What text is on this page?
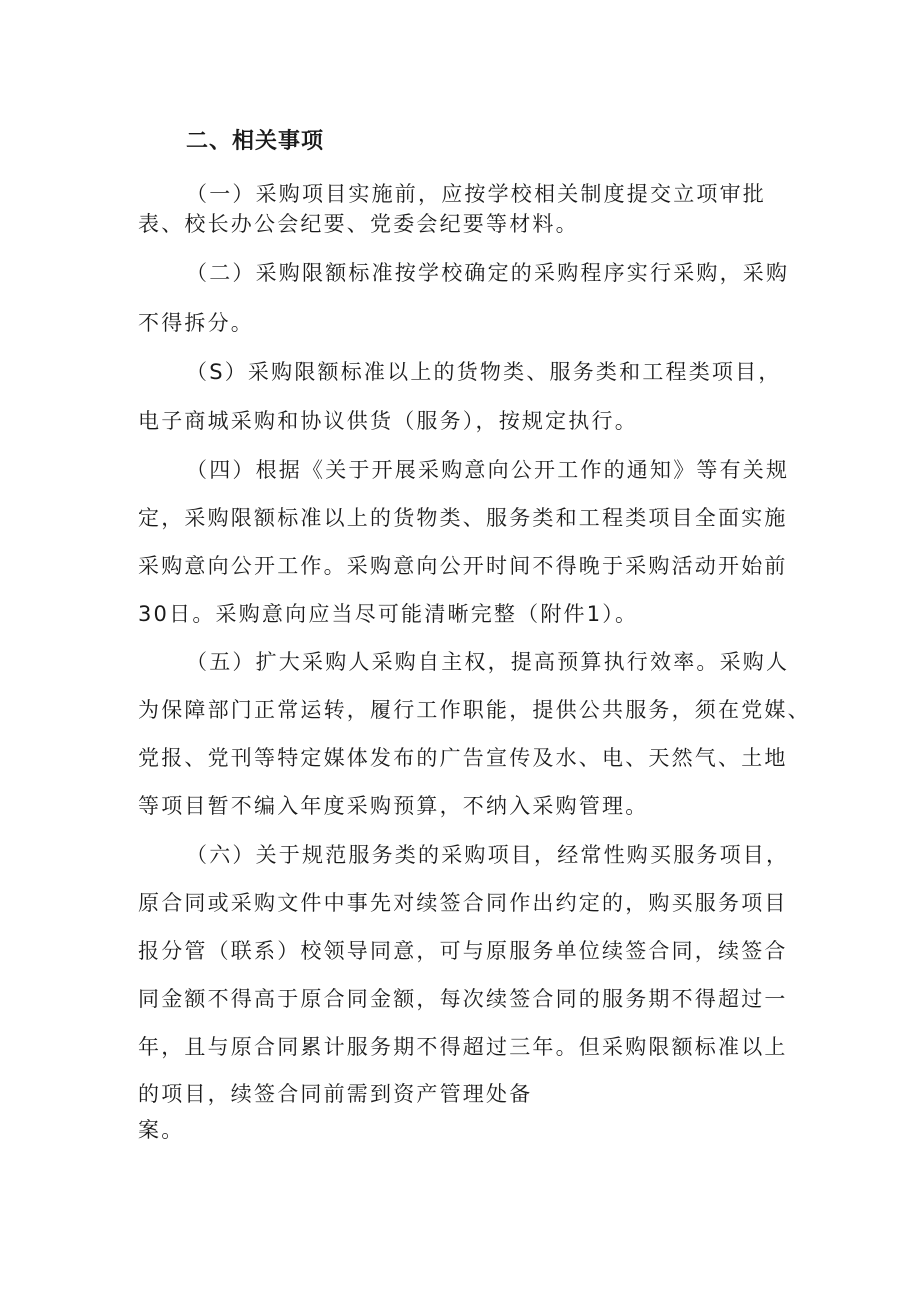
二、相关事项
（一）采购项目实施前，应按学校相关制度提交立项审批
表、校长办公会纪要、党委会纪要等材料。
（二）采购限额标准按学校确定的采购程序实行采购，采购
不得拆分。
（S）采购限额标准以上的货物类、服务类和工程类项目，
电子商城采购和协议供货（服务），按规定执行。
（四）根据《关于开展采购意向公开工作的通知》等有关规
定，采购限额标准以上的货物类、服务类和工程类项目全面实施
采购意向公开工作。采购意向公开时间不得晚于采购活动开始前
30日。采购意向应当尽可能清晰完整（附件1）。
（五）扩大采购人采购自主权，提高预算执行效率。采购人
为保障部门正常运转，履行工作职能，提供公共服务，须在党媒、
党报、党刊等特定媒体发布的广告宣传及水、电、天然气、土地
等项目暂不编入年度采购预算，不纳入采购管理。
（六）关于规范服务类的采购项目，经常性购买服务项目，
原合同或采购文件中事先对续签合同作出约定的，购买服务项目
报分管（联系）校领导同意，可与原服务单位续签合同，续签合
同金额不得高于原合同金额，每次续签合同的服务期不得超过一
年，且与原合同累计服务期不得超过三年。但采购限额标准以上
的项目，续签合同前需到资产管理处备
案。
